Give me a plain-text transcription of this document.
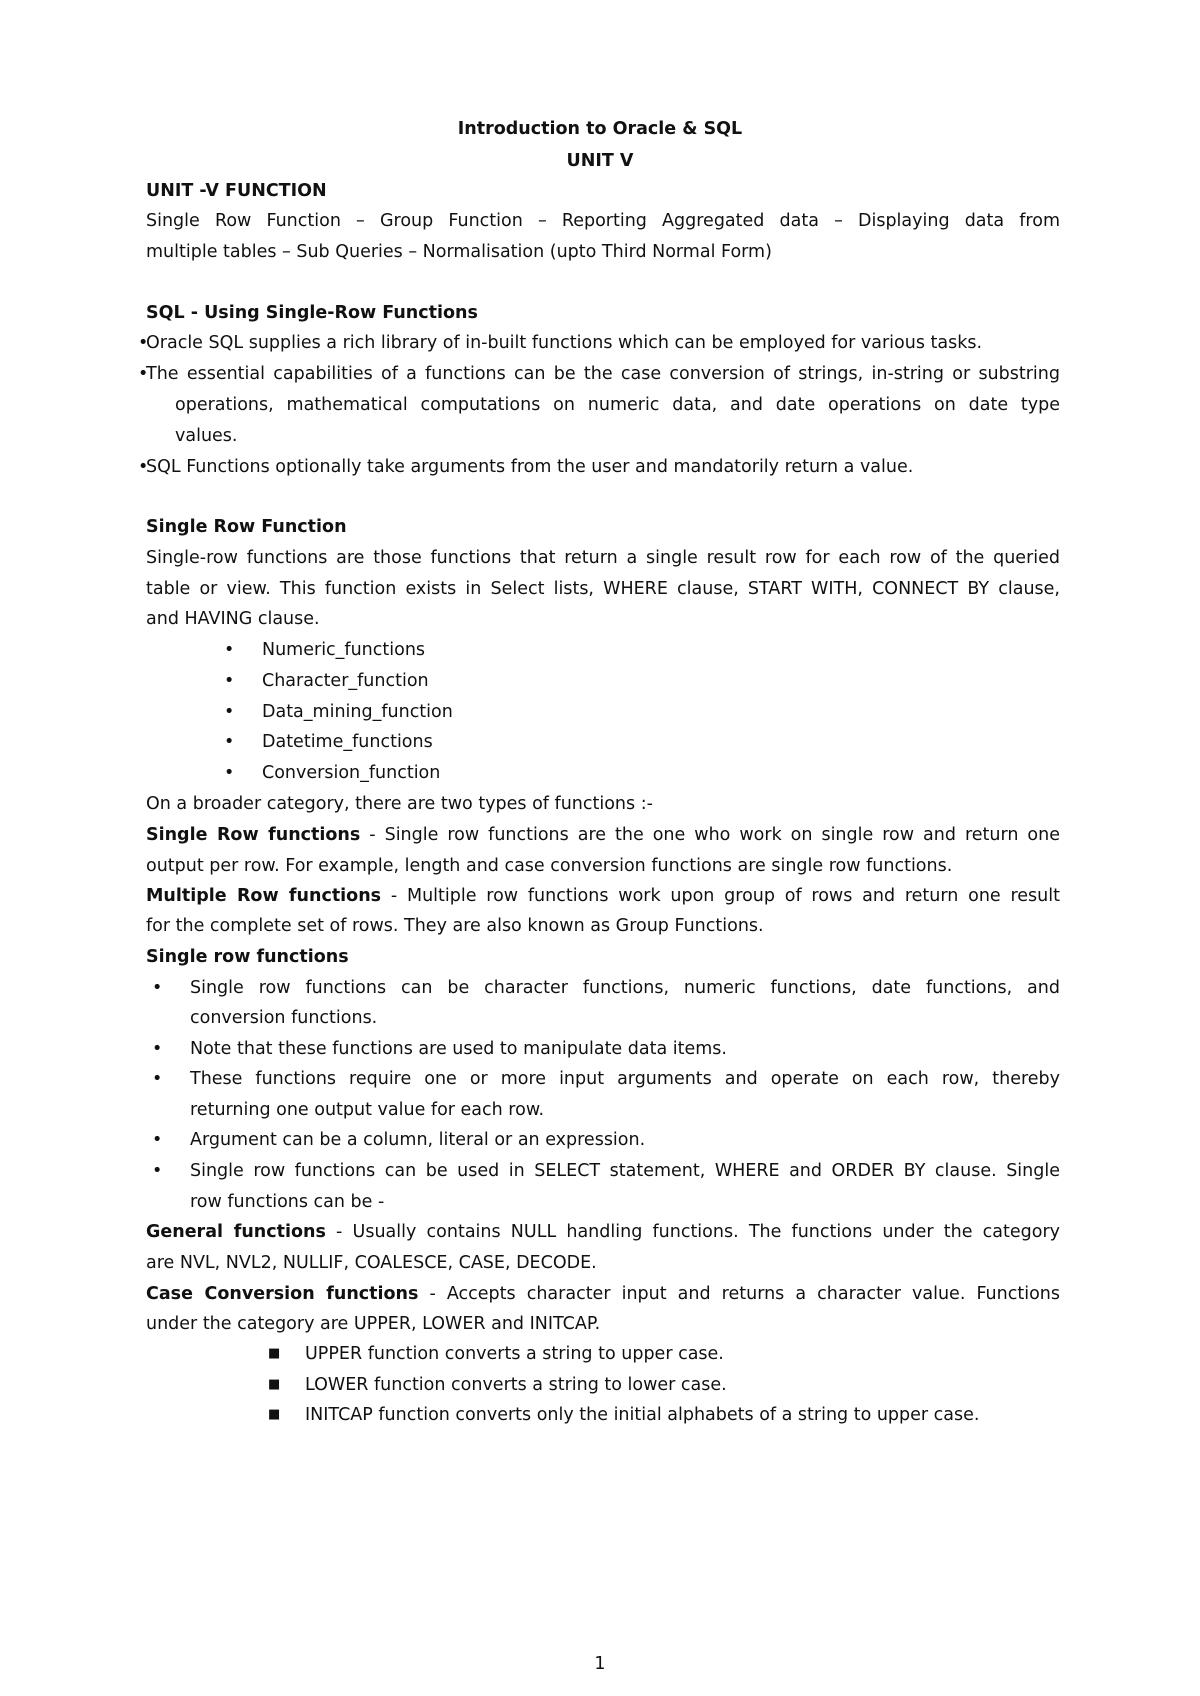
Introduction to Oracle & SQL
UNIT V
UNIT -V FUNCTION
Single Row Function – Group Function – Reporting Aggregated data – Displaying data from
multiple tables – Sub Queries – Normalisation (upto Third Normal Form)
SQL - Using Single-Row Functions
•
Oracle SQL supplies a rich library of in-built functions which can be employed for various tasks.
•
The essential capabilities of a functions can be the case conversion of strings, in-string or substring
operations, mathematical computations on numeric data, and date operations on date type
values.
•
SQL Functions optionally take arguments from the user and mandatorily return a value.
Single Row Function
Single-row functions are those functions that return a single result row for each row of the queried
table or view. This function exists in Select lists, WHERE clause, START WITH, CONNECT BY clause,
and HAVING clause.
• Numeric_functions
• Character_function
• Data_mining_function
• Datetime_functions
• Conversion_function
On a broader category, there are two types of functions :-
Single Row functions - Single row functions are the one who work on single row and return one
output per row. For example, length and case conversion functions are single row functions.
Multiple Row functions - Multiple row functions work upon group of rows and return one result
for the complete set of rows. They are also known as Group Functions.
Single row functions
• Single row functions can be character functions, numeric functions, date functions, and
conversion functions.
• Note that these functions are used to manipulate data items.
• These functions require one or more input arguments and operate on each row, thereby
returning one output value for each row.
• Argument can be a column, literal or an expression.
• Single row functions can be used in SELECT statement, WHERE and ORDER BY clause. Single
row functions can be -
General functions - Usually contains NULL handling functions. The functions under the category
are NVL, NVL2, NULLIF, COALESCE, CASE, DECODE.
Case Conversion functions - Accepts character input and returns a character value. Functions
under the category are UPPER, LOWER and INITCAP.
■ UPPER function converts a string to upper case.
■ LOWER function converts a string to lower case.
■ INITCAP function converts only the initial alphabets of a string to upper case.
1
